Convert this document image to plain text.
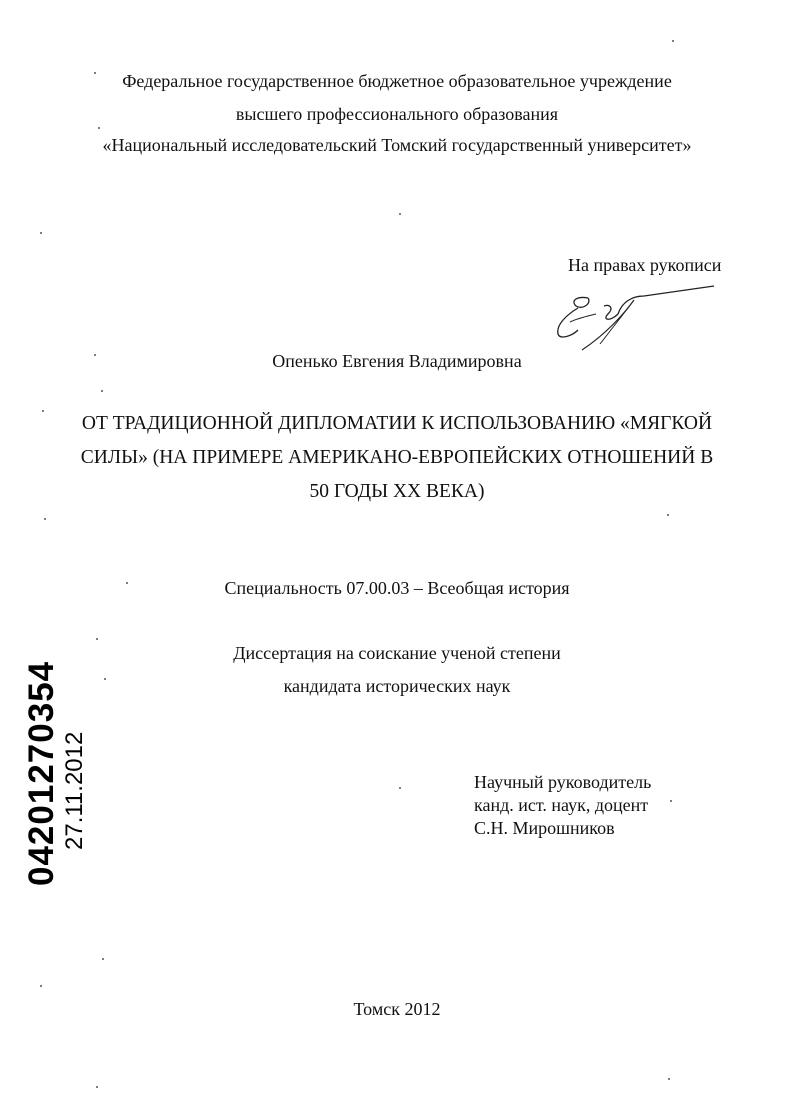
Федеральное государственное бюджетное образовательное учреждение
высшего профессионального образования
«Национальный исследовательский Томский государственный университет»
На правах рукописи
Опенько Евгения Владимировна
ОТ ТРАДИЦИОННОЙ ДИПЛОМАТИИ К ИСПОЛЬЗОВАНИЮ «МЯГКОЙ
СИЛЫ» (НА ПРИМЕРЕ АМЕРИКАНО-ЕВРОПЕЙСКИХ ОТНОШЕНИЙ В
50 ГОДЫ XX ВЕКА)
Специальность 07.00.03 – Всеобщая история
Диссертация на соискание ученой степени
кандидата исторических наук
Научный руководитель
канд. ист. наук, доцент
С.Н. Мирошников
Томск 2012
04201270354 27.11.2012
